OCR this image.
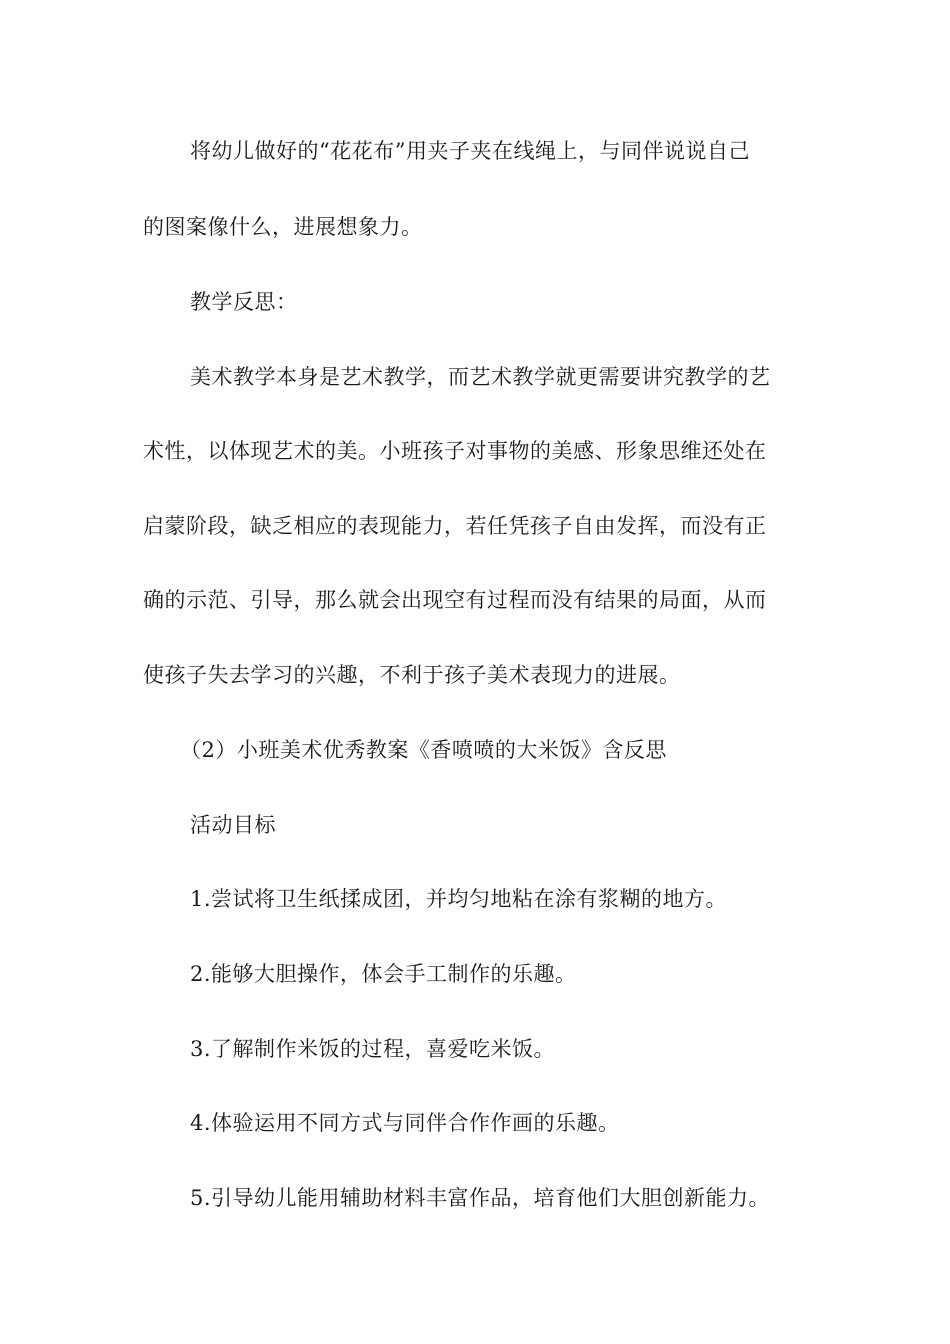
将幼儿做好的“花花布”用夹子夹在线绳上，与同伴说说自己
的图案像什么，进展想象力。
教学反思：
美术教学本身是艺术教学，而艺术教学就更需要讲究教学的艺
术性，以体现艺术的美。小班孩子对事物的美感、形象思维还处在
启蒙阶段，缺乏相应的表现能力，若任凭孩子自由发挥，而没有正
确的示范、引导，那么就会出现空有过程而没有结果的局面，从而
使孩子失去学习的兴趣，不利于孩子美术表现力的进展。
（2）小班美术优秀教案《香喷喷的大米饭》含反思
活动目标
1.尝试将卫生纸揉成团，并均匀地粘在涂有浆糊的地方。
2.能够大胆操作，体会手工制作的乐趣。
3.了解制作米饭的过程，喜爱吃米饭。
4.体验运用不同方式与同伴合作作画的乐趣。
5.引导幼儿能用辅助材料丰富作品，培育他们大胆创新能力。
